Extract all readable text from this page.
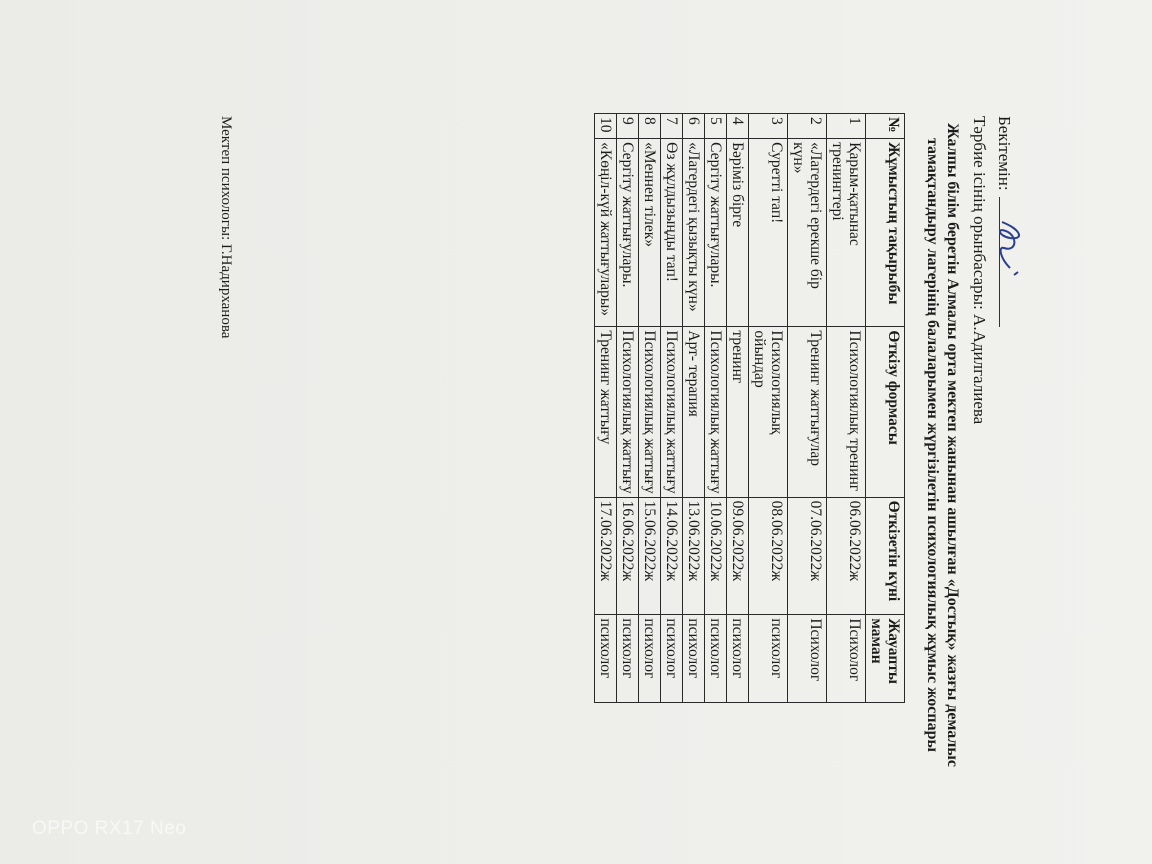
Бекітемін:
Тәрбие ісінің орынбасары: А.Адилгалиева
Жалпы білім беретін Алмалы орта мектеп жанынан ашылған «Достық» жазғы демалыс тамақтандыру лагерінің балаларымен жүргізілетін психологиялық жұмыс жоспары
№	Жұмыстың тақырыбы	Өткізу формасы	Өткізетін күні	Жауапты маман
1	Қарым-қатынас тренингтері	Психологиялық тренинг	06.06.2022ж	Психолог
2	«Лагердегі ерекше бір күн»	Тренинг жаттығулар	07.06.2022ж	Психолог
3	Суретті тап!	Психологиялық ойындар	08.06.2022ж	психолог
4	Бәріміз бірге	тренинг	09.06.2022ж	психолог
5	Сергіту жаттығулары.	Психологиялық жаттығу	10.06.2022ж	психолог
6	«Лагердегі қызықты күн»	Арт- терапия	13.06.2022ж	психолог
7	Өз жұлдызыңды тап!	Психологиялық жаттығу	14.06.2022ж	психолог
8	«Меннен тілек»	Психологиялық жаттығу	15.06.2022ж	психолог
9	Сергіту жаттығулары.	Психологиялық жаттығу	16.06.2022ж	психолог
10	«Көңіл-күй жаттығулары»	Тренинг жаттығу	17.06.2022ж	психолог
Мектеп психологы: Г.Надирханова
OPPO RX17 Neo
